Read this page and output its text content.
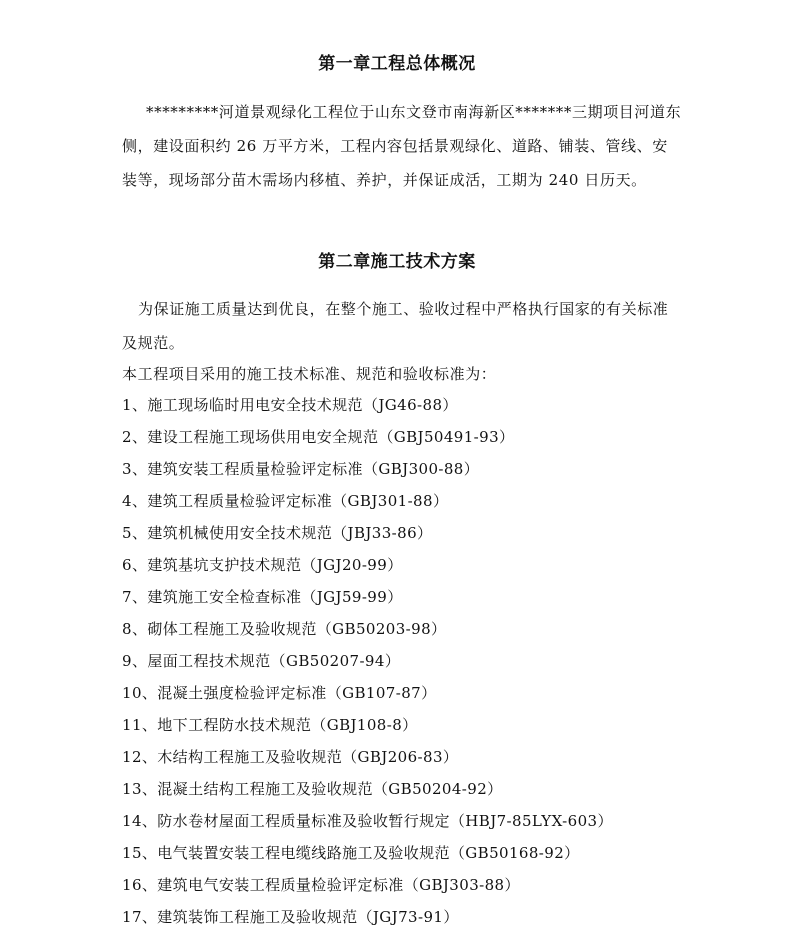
第一章工程总体概况

*********河道景观绿化工程位于山东文登市南海新区*******三期项目河道东侧，建设面积约 26 万平方米，工程内容包括景观绿化、道路、铺装、管线、安装等，现场部分苗木需场内移植、养护，并保证成活，工期为 240 日历天。

第二章施工技术方案

为保证施工质量达到优良，在整个施工、验收过程中严格执行国家的有关标准及规范。

本工程项目采用的施工技术标准、规范和验收标准为：

1、施工现场临时用电安全技术规范（JG46-88）
2、建设工程施工现场供用电安全规范（GBJ50491-93）
3、建筑安装工程质量检验评定标准（GBJ300-88）
4、建筑工程质量检验评定标准（GBJ301-88）
5、建筑机械使用安全技术规范（JBJ33-86）
6、建筑基坑支护技术规范（JGJ20-99）
7、建筑施工安全检查标准（JGJ59-99）
8、砌体工程施工及验收规范（GB50203-98）
9、屋面工程技术规范（GB50207-94）
10、混凝土强度检验评定标准（GB107-87）
11、地下工程防水技术规范（GBJ108-8）
12、木结构工程施工及验收规范（GBJ206-83）
13、混凝土结构工程施工及验收规范（GB50204-92）
14、防水卷材屋面工程质量标准及验收暂行规定（HBJ7-85LYX-603）
15、电气装置安装工程电缆线路施工及验收规范（GB50168-92）
16、建筑电气安装工程质量检验评定标准（GBJ303-88）
17、建筑装饰工程施工及验收规范（JGJ73-91）
